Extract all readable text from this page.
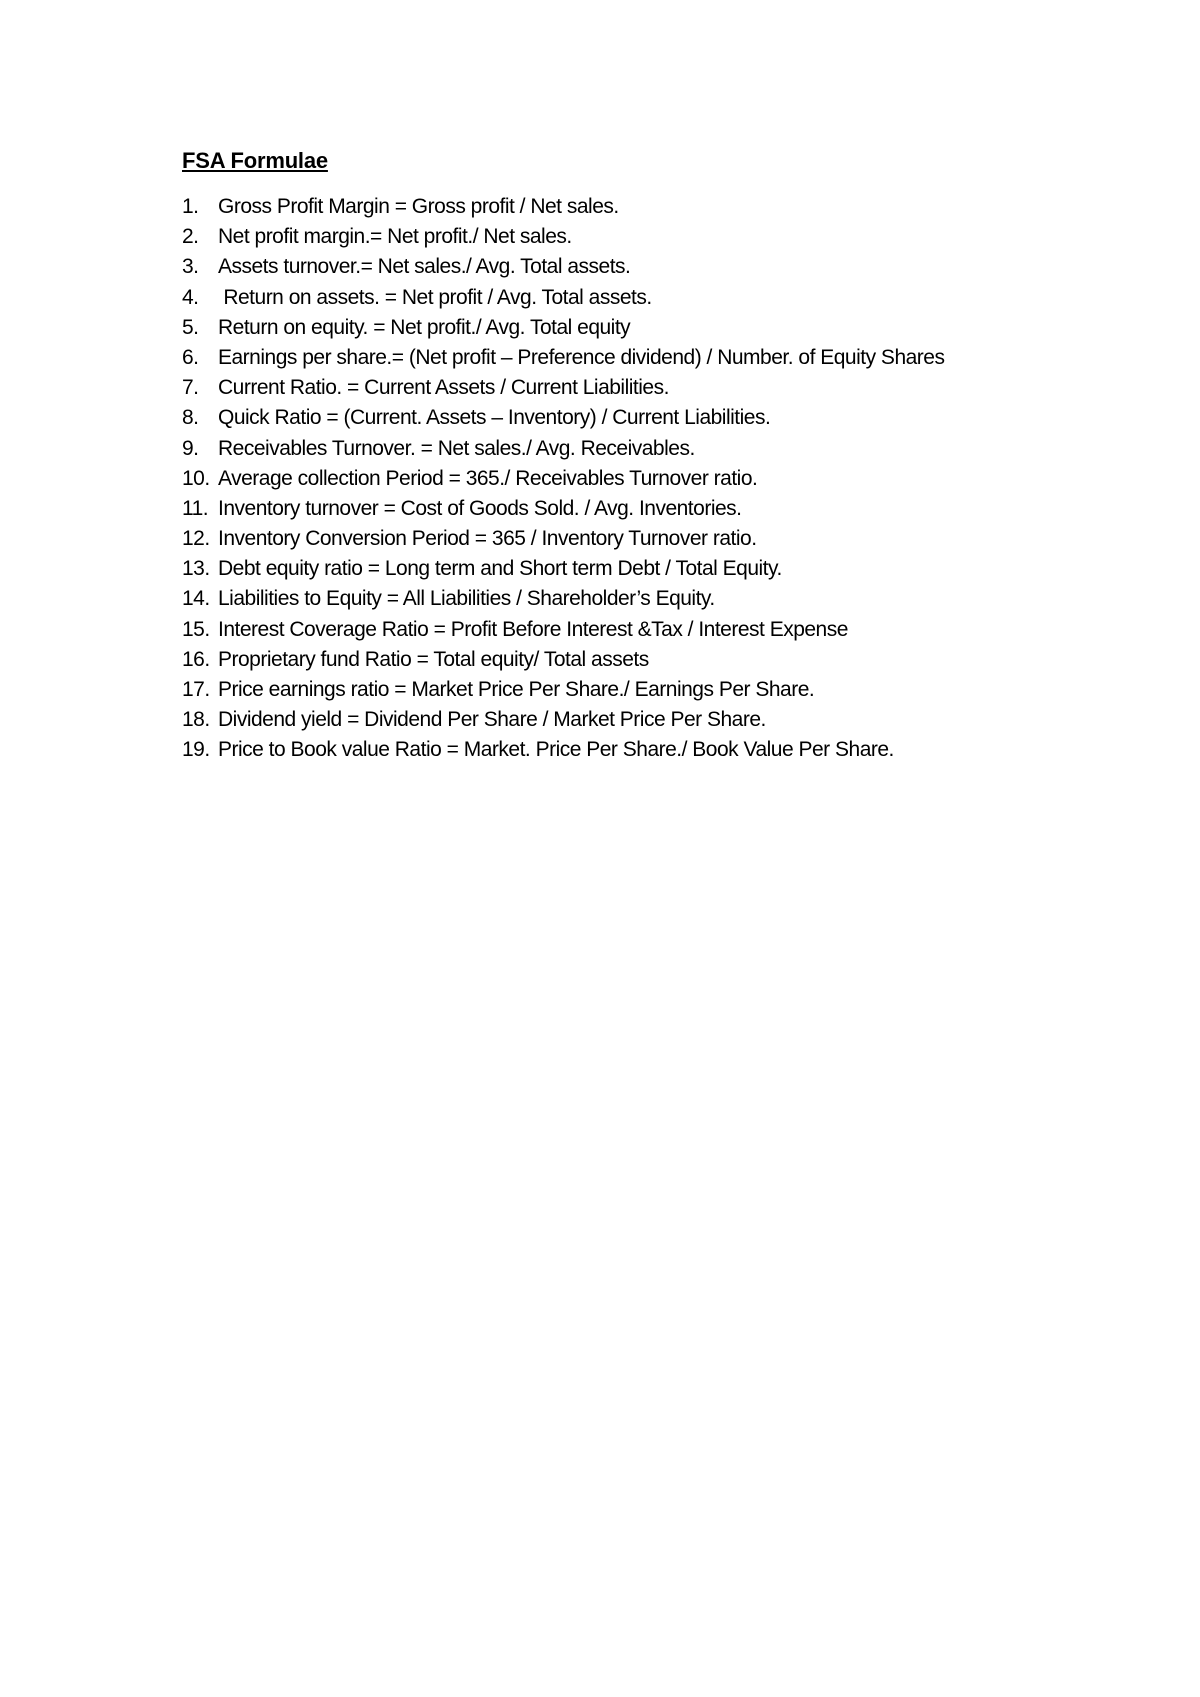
FSA Formulae
1. Gross Profit Margin = Gross profit / Net sales.
2. Net profit margin.= Net profit./ Net sales.
3. Assets turnover.= Net sales./ Avg. Total assets.
4. Return on assets. = Net profit / Avg. Total assets.
5. Return on equity. = Net profit./ Avg. Total equity
6. Earnings per share.= (Net profit – Preference dividend) / Number. of Equity Shares
7. Current Ratio. = Current Assets / Current Liabilities.
8. Quick Ratio = (Current. Assets – Inventory) / Current Liabilities.
9. Receivables Turnover. = Net sales./ Avg. Receivables.
10. Average collection Period = 365./ Receivables Turnover ratio.
11. Inventory turnover = Cost of Goods Sold. / Avg. Inventories.
12. Inventory Conversion Period = 365 / Inventory Turnover ratio.
13. Debt equity ratio = Long term and Short term Debt / Total Equity.
14. Liabilities to Equity = All Liabilities / Shareholder’s Equity.
15. Interest Coverage Ratio = Profit Before Interest &Tax / Interest Expense
16. Proprietary fund Ratio = Total equity/ Total assets
17. Price earnings ratio = Market Price Per Share./ Earnings Per Share.
18. Dividend yield = Dividend Per Share / Market Price Per Share.
19. Price to Book value Ratio = Market. Price Per Share./ Book Value Per Share.
